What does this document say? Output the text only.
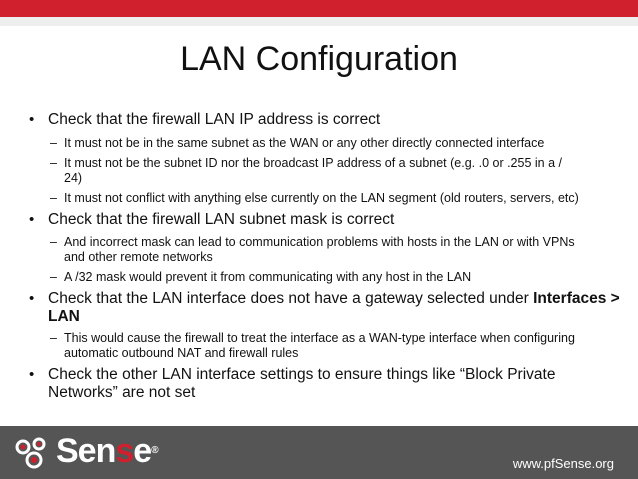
LAN Configuration
• Check that the firewall LAN IP address is correct
– It must not be in the same subnet as the WAN or any other directly connected interface
– It must not be the subnet ID nor the broadcast IP address of a subnet (e.g. .0 or .255 in a /
24)
– It must not conflict with anything else currently on the LAN segment (old routers, servers, etc)
• Check that the firewall LAN subnet mask is correct
– And incorrect mask can lead to communication problems with hosts in the LAN or with VPNs
and other remote networks
– A /32 mask would prevent it from communicating with any host in the LAN
• Check that the LAN interface does not have a gateway selected under Interfaces >
LAN
– This would cause the firewall to treat the interface as a WAN-type interface when configuring
automatic outbound NAT and firewall rules
• Check the other LAN interface settings to ensure things like “Block Private
Networks” are not set
Sense®
www.pfSense.org
